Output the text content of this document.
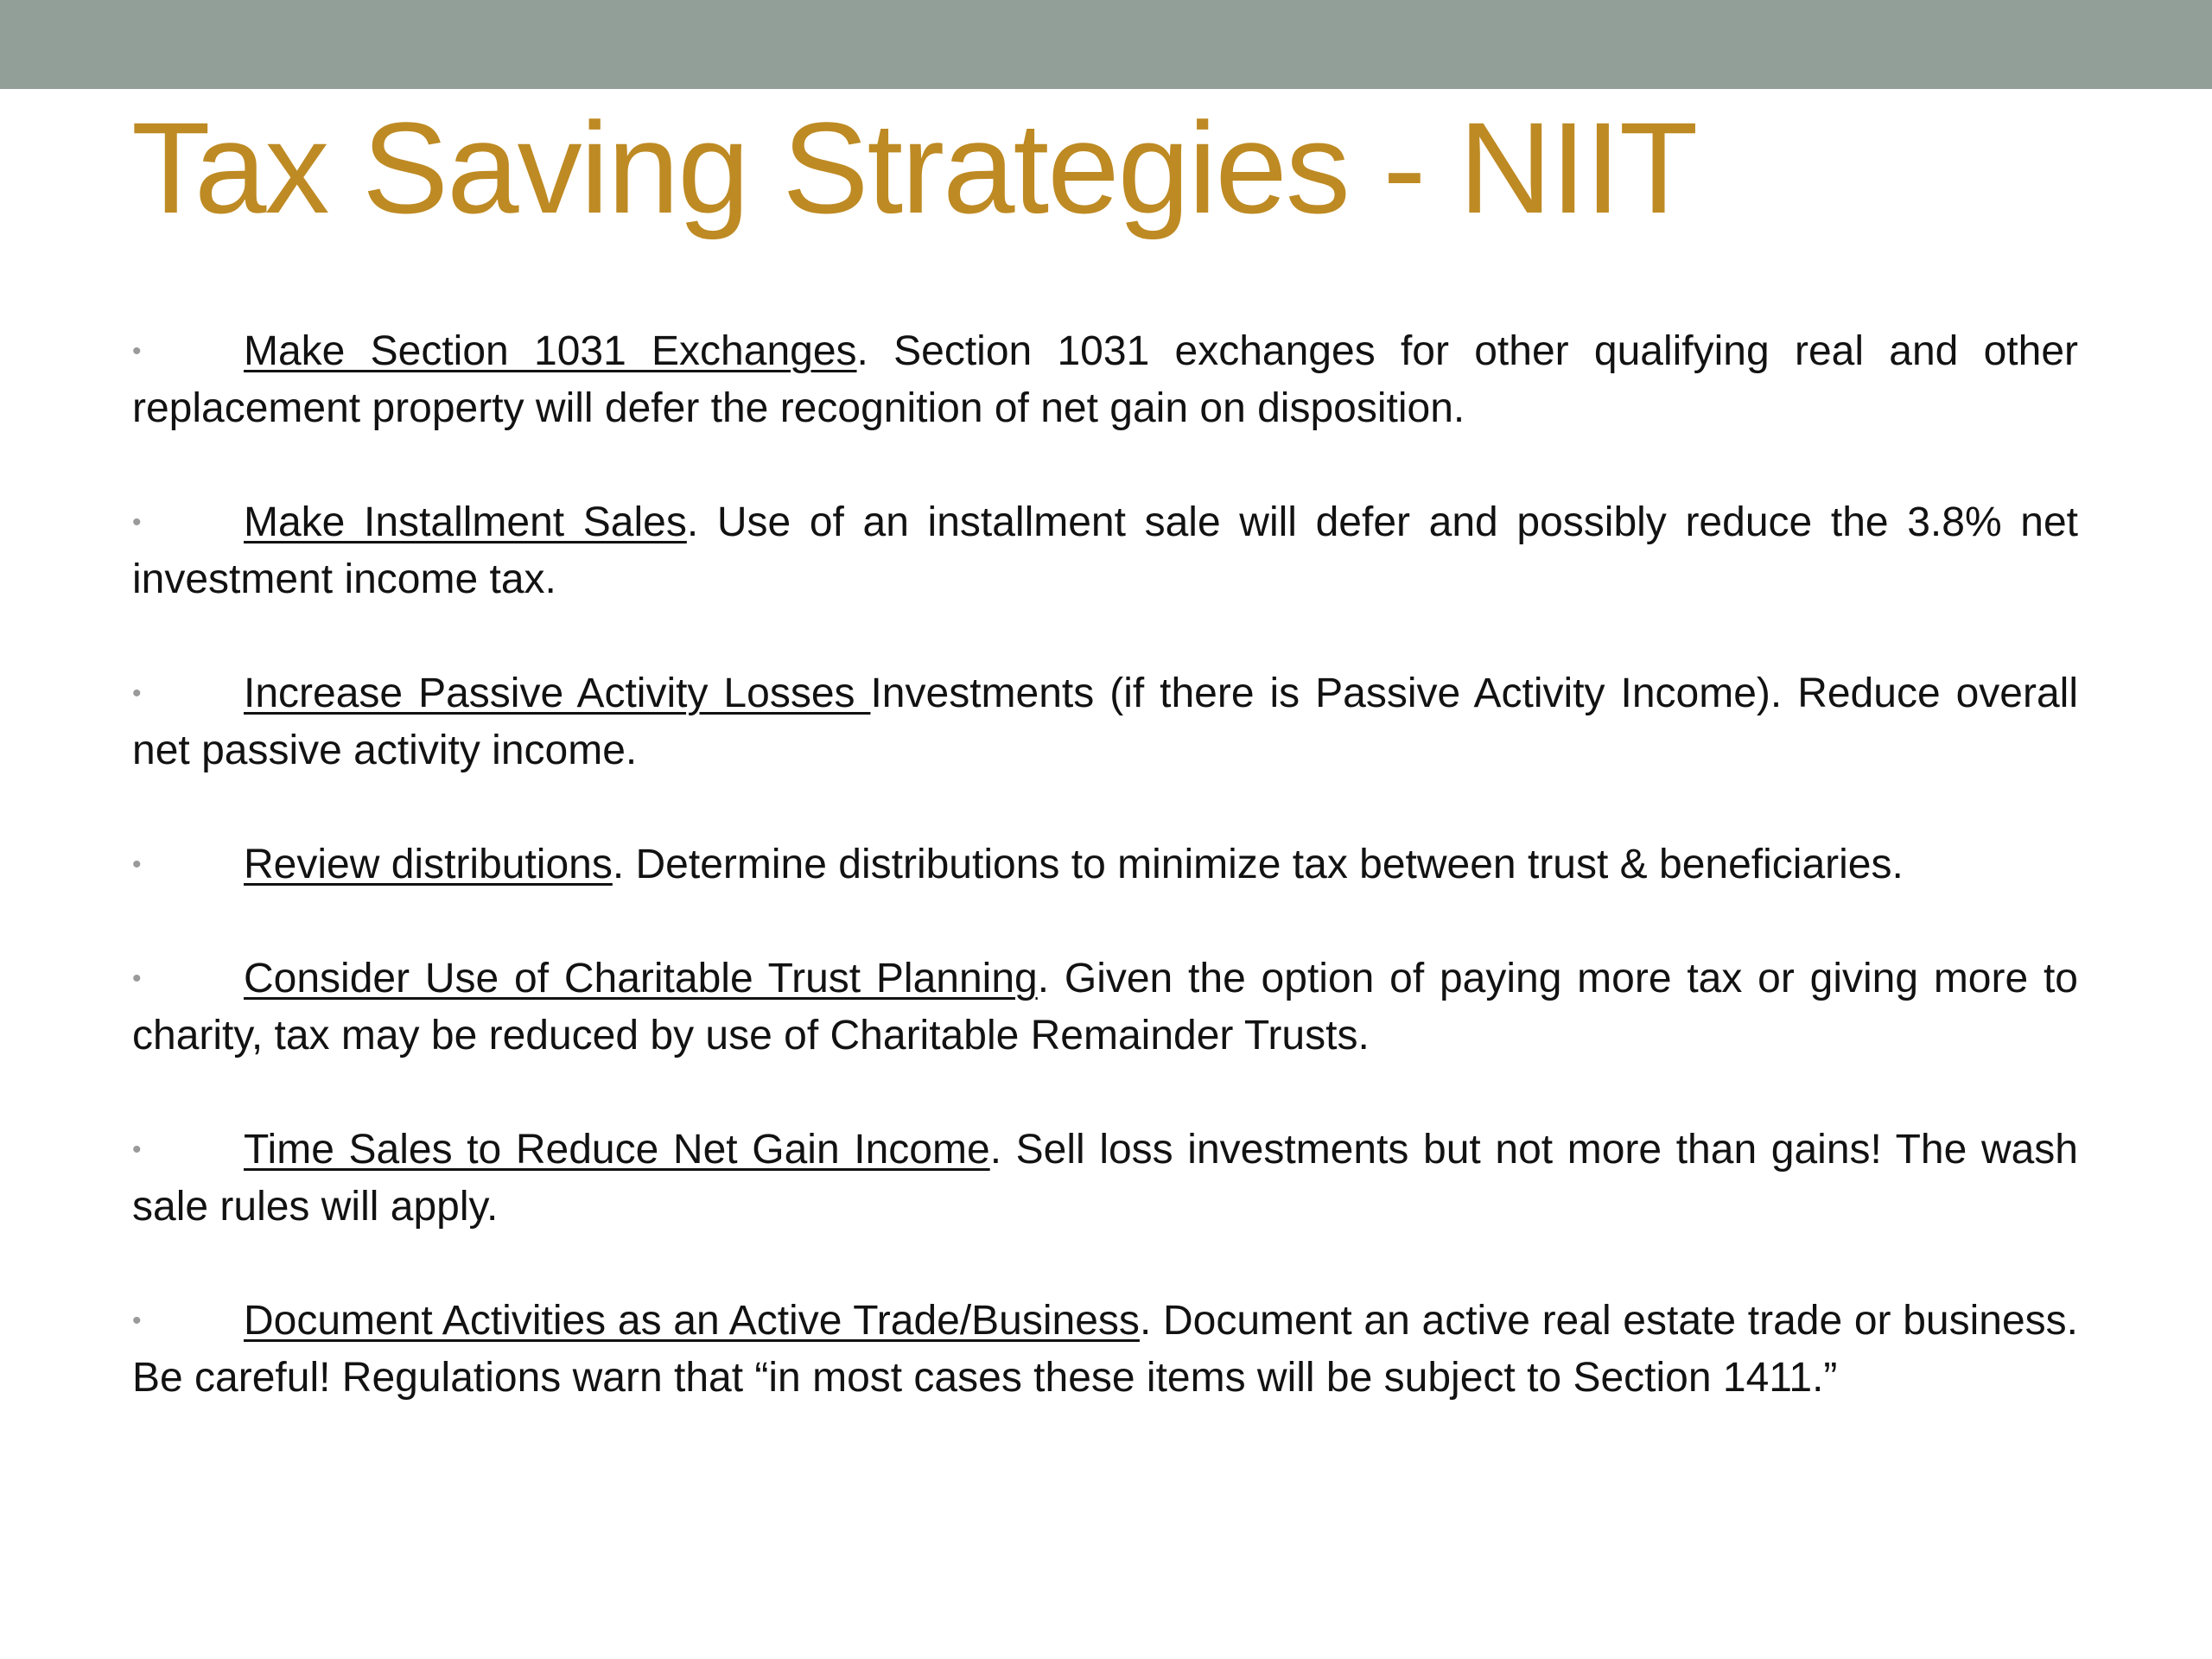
Tax Saving Strategies - NIIT

• Make Section 1031 Exchanges. Section 1031 exchanges for other qualifying real and other replacement property will defer the recognition of net gain on disposition.

• Make Installment Sales. Use of an installment sale will defer and possibly reduce the 3.8% net investment income tax.

• Increase Passive Activity Losses Investments (if there is Passive Activity Income). Reduce overall net passive activity income.

• Review distributions. Determine distributions to minimize tax between trust & beneficiaries.

• Consider Use of Charitable Trust Planning. Given the option of paying more tax or giving more to charity, tax may be reduced by use of Charitable Remainder Trusts.

• Time Sales to Reduce Net Gain Income. Sell loss investments but not more than gains! The wash sale rules will apply.

• Document Activities as an Active Trade/Business. Document an active real estate trade or business. Be careful! Regulations warn that “in most cases these items will be subject to Section 1411.”
